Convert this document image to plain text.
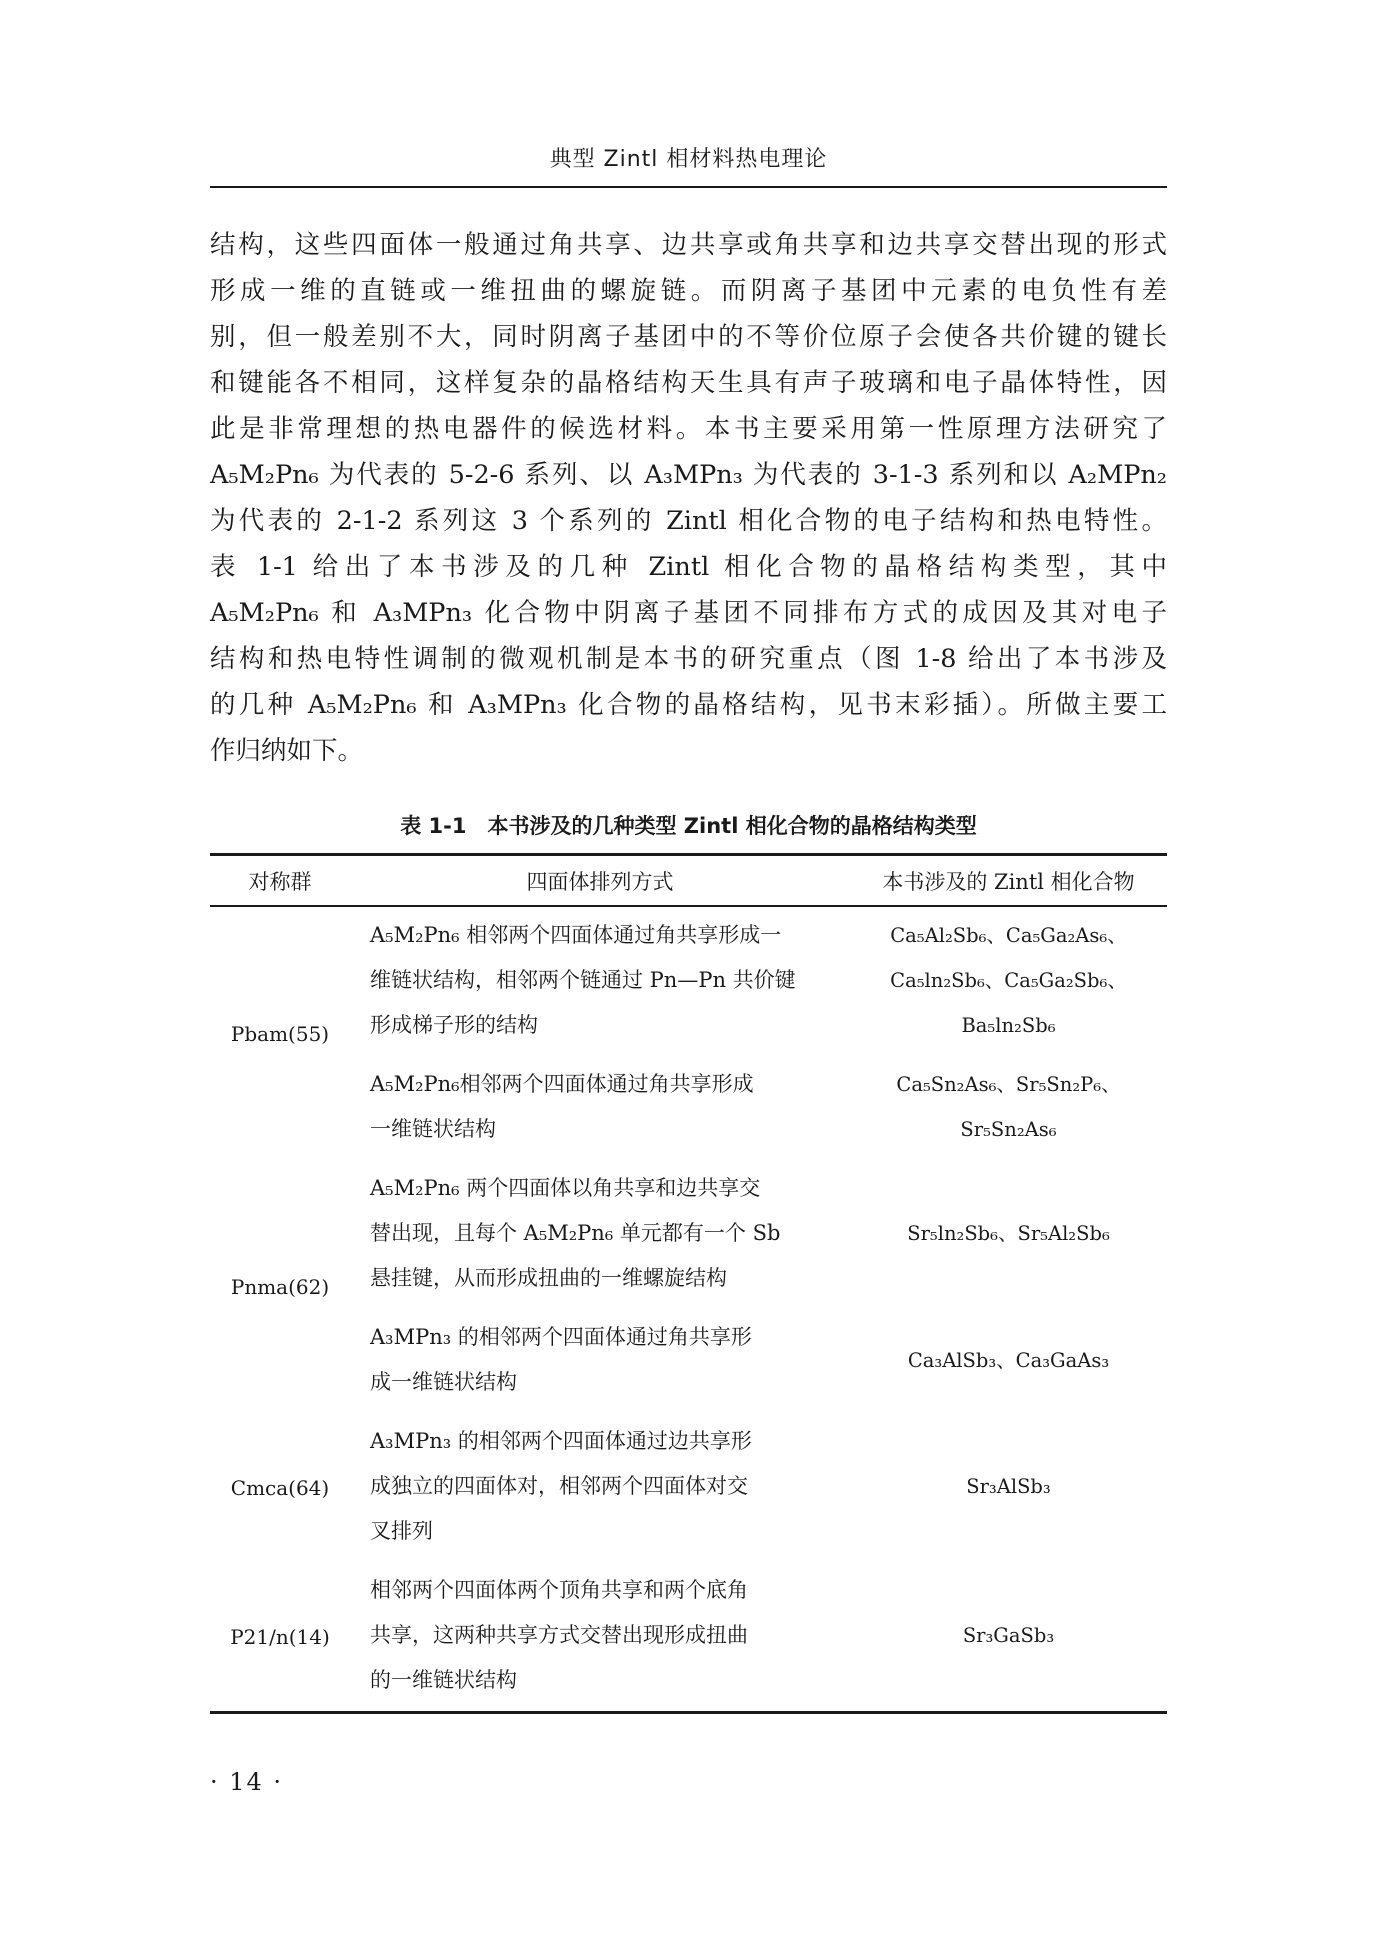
典型 Zintl 相材料热电理论
结构，这些四面体一般通过角共享、边共享或角共享和边共享交替出现的形式
形成一维的直链或一维扭曲的螺旋链。而阴离子基团中元素的电负性有差
别，但一般差别不大，同时阴离子基团中的不等价位原子会使各共价键的键长
和键能各不相同，这样复杂的晶格结构天生具有声子玻璃和电子晶体特性，因
此是非常理想的热电器件的候选材料。本书主要采用第一性原理方法研究了
A₅M₂Pn₆ 为代表的 5-2-6 系列、以 A₃MPn₃ 为代表的 3-1-3 系列和以 A₂MPn₂
为代表的 2-1-2 系列这 3 个系列的 Zintl 相化合物的电子结构和热电特性。
表 1-1 给出了本书涉及的几种 Zintl 相化合物的晶格结构类型，其中
A₅M₂Pn₆ 和 A₃MPn₃ 化合物中阴离子基团不同排布方式的成因及其对电子
结构和热电特性调制的微观机制是本书的研究重点（图 1-8 给出了本书涉及
的几种 A₅M₂Pn₆ 和 A₃MPn₃ 化合物的晶格结构，见书末彩插）。所做主要工
作归纳如下。
表 1-1　本书涉及的几种类型 Zintl 相化合物的晶格结构类型
对称群	四面体排列方式	本书涉及的 Zintl 相化合物
Pbam(55)
A₅M₂Pn₆ 相邻两个四面体通过角共享形成一
维链状结构，相邻两个链通过 Pn—Pn 共价键
形成梯子形的结构
Ca₅Al₂Sb₆、Ca₅Ga₂As₆、
Ca₅ln₂Sb₆、Ca₅Ga₂Sb₆、
Ba₅ln₂Sb₆
A₅M₂Pn₆相邻两个四面体通过角共享形成
一维链状结构
Ca₅Sn₂As₆、Sr₅Sn₂P₆、
Sr₅Sn₂As₆
Pnma(62)
A₅M₂Pn₆ 两个四面体以角共享和边共享交
替出现，且每个 A₅M₂Pn₆ 单元都有一个 Sb
悬挂键，从而形成扭曲的一维螺旋结构
Sr₅ln₂Sb₆、Sr₅Al₂Sb₆
A₃MPn₃ 的相邻两个四面体通过角共享形
成一维链状结构
Ca₃AlSb₃、Ca₃GaAs₃
Cmca(64)
A₃MPn₃ 的相邻两个四面体通过边共享形
成独立的四面体对，相邻两个四面体对交
叉排列
Sr₃AlSb₃
P21/n(14)
相邻两个四面体两个顶角共享和两个底角
共享，这两种共享方式交替出现形成扭曲
的一维链状结构
Sr₃GaSb₃
· 14 ·
